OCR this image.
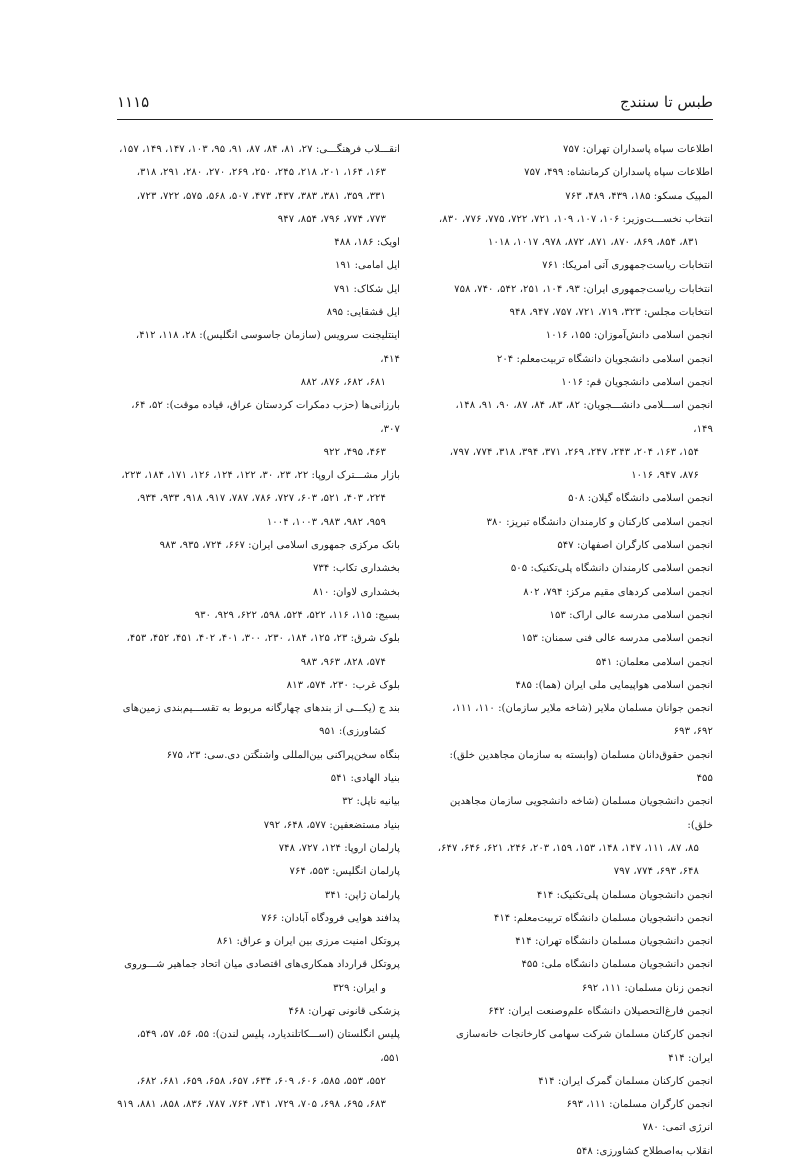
طبس تا سنندج
۱۱۱۵
اطلاعات سپاه پاسداران تهران: ۷۵۷
اطلاعات سپاه پاسداران کرمانشاه: ۴۹۹، ۷۵۷
المپیک مسکو: ۱۸۵، ۴۳۹، ۴۸۹، ۷۶۳
انتخاب نخســـت‌وزیر: ۱۰۶، ۱۰۷، ۱۰۹، ۷۲۱، ۷۲۲، ۷۷۵، ۷۷۶، ۸۳۰،
۸۳۱، ۸۵۴، ۸۶۹، ۸۷۰، ۸۷۱، ۸۷۲، ۹۷۸، ۱۰۱۷، ۱۰۱۸
انتخابات ریاست‌جمهوری آتی امریکا: ۷۶۱
انتخابات ریاست‌جمهوری ایران: ۹۳، ۱۰۴، ۲۵۱، ۵۴۲، ۷۴۰، ۷۵۸
انتخابات مجلس: ۳۲۳، ۷۱۹، ۷۲۱، ۷۵۷، ۹۴۷، ۹۴۸
انجمن اسلامی دانش‌آموزان: ۱۵۵، ۱۰۱۶
انجمن اسلامی دانشجویان دانشگاه تربیت‌معلم: ۲۰۴
انجمن اسلامی دانشجویان قم: ۱۰۱۶
انجمن اســـلامی دانشـــجویان: ۸۲، ۸۳، ۸۴، ۸۷، ۹۰، ۹۱، ۱۴۸، ۱۴۹،
۱۵۴، ۱۶۳، ۲۰۴، ۲۴۳، ۲۴۷، ۲۶۹، ۳۷۱، ۳۹۴، ۳۱۸، ۷۷۴، ۷۹۷،
۸۷۶، ۹۴۷، ۱۰۱۶
انجمن اسلامی دانشگاه گیلان: ۵۰۸
انجمن اسلامی کارکنان و کارمندان دانشگاه تبریز: ۳۸۰
انجمن اسلامی کارگران اصفهان: ۵۴۷
انجمن اسلامی کارمندان دانشگاه پلی‌تکنیک: ۵۰۵
انجمن اسلامی کردهای مقیم مرکز: ۷۹۴، ۸۰۲
انجمن اسلامی مدرسه عالی اراک: ۱۵۳
انجمن اسلامی مدرسه عالی فنی سمنان: ۱۵۳
انجمن اسلامی معلمان: ۵۴۱
انجمن اسلامی هواپیمایی ملی ایران (هما): ۴۸۵
انجمن جوانان مسلمان ملایر (شاخه ملایر سازمان): ۱۱۰، ۱۱۱، ۶۹۲، ۶۹۳
انجمن حقوق‌دانان مسلمان (وابسته به سازمان مجاهدین خلق): ۴۵۵
انجمن دانشجویان مسلمان (شاخه دانشجویی سازمان مجاهدین خلق):
۸۵، ۸۷، ۱۱۱، ۱۴۷، ۱۴۸، ۱۵۳، ۱۵۹، ۲۰۳، ۲۴۶، ۶۲۱، ۶۴۶، ۶۴۷،
۶۴۸، ۶۹۳، ۷۷۴، ۷۹۷
انجمن دانشجویان مسلمان پلی‌تکنیک: ۴۱۴
انجمن دانشجویان مسلمان دانشگاه تربیت‌معلم: ۴۱۴
انجمن دانشجویان مسلمان دانشگاه تهران: ۴۱۴
انجمن دانشجویان مسلمان دانشگاه ملی: ۴۵۵
انجمن زنان مسلمان: ۱۱۱، ۶۹۲
انجمن فارغ‌التحصیلان دانشگاه علم‌وصنعت ایران: ۶۴۲
انجمن کارکنان مسلمان شرکت سهامی کارخانجات خانه‌سازی ایران: ۴۱۴
انجمن کارکنان مسلمان گمرک ایران: ۴۱۴
انجمن کارگران مسلمان: ۱۱۱، ۶۹۳
انرژی اتمی: ۷۸۰
انقلاب به‌اصطلاح کشاورزی: ۵۴۸
انقـــلاب فرهنگـــی: ۲۷، ۸۱، ۸۴، ۸۷، ۹۱، ۹۵، ۱۰۳، ۱۴۷، ۱۴۹، ۱۵۷،
۱۶۳، ۱۶۴، ۲۰۱، ۲۱۸، ۲۴۵، ۲۵۰، ۲۶۹، ۲۷۰، ۲۸۰، ۲۹۱، ۳۱۸،
۳۳۱، ۳۵۹، ۳۸۱، ۳۸۳، ۴۳۷، ۴۷۳، ۵۰۷، ۵۶۸، ۵۷۵، ۷۲۲، ۷۲۳،
۷۷۳، ۷۷۴، ۷۹۶، ۸۵۴، ۹۴۷
اویک: ۱۸۶، ۴۸۸
ایل امامی: ۱۹۱
ایل شکاک: ۷۹۱
ایل قشقایی: ۸۹۵
اینتلیجنت سرویس (سازمان جاسوسی انگلیس): ۲۸، ۱۱۸، ۴۱۲، ۴۱۴،
۶۸۱، ۶۸۲، ۸۷۶، ۸۸۲
بارزانی‌ها (حزب دمکرات کردستان عراق، قیاده موقت): ۵۲، ۶۴، ۳۰۷،
۴۶۳، ۴۹۵، ۹۲۲
بازار مشـــترک اروپا: ۲۲، ۲۳، ۳۰، ۱۲۲، ۱۲۴، ۱۲۶، ۱۷۱، ۱۸۴، ۲۲۳،
۲۲۴، ۴۰۳، ۵۲۱، ۶۰۳، ۷۲۷، ۷۸۶، ۷۸۷، ۹۱۷، ۹۱۸، ۹۳۳، ۹۳۴،
۹۵۹، ۹۸۲، ۹۸۳، ۱۰۰۳، ۱۰۰۴
بانک مرکزی جمهوری اسلامی ایران: ۶۶۷، ۷۲۴، ۹۳۵، ۹۸۳
بخشداری تکاب: ۷۳۴
بخشداری لاوان: ۸۱۰
بسیج: ۱۱۵، ۱۱۶، ۵۲۲، ۵۲۴، ۵۹۸، ۶۲۲، ۹۲۹، ۹۳۰
بلوک شرق: ۲۳، ۱۲۵، ۱۸۴، ۲۳۰، ۳۰۰، ۴۰۱، ۴۰۲، ۴۵۱، ۴۵۲، ۴۵۳،
۵۷۴، ۸۲۸، ۹۶۳، ۹۸۳
بلوک غرب: ۲۳۰، ۵۷۴، ۸۱۳
بند ج (یکـــی از بندهای چهارگانه مربوط به تقســـیم‌بندی زمین‌های
کشاورزی): ۹۵۱
بنگاه سخن‌پراکنی بین‌المللی واشنگتن دی.سی: ۲۳، ۶۷۵
بنیاد الهادی: ۵۴۱
بیانیه ناپل: ۳۲
بنیاد مستضعفین: ۵۷۷، ۶۴۸، ۷۹۲
پارلمان اروپا: ۱۲۴، ۷۲۷، ۷۴۸
پارلمان انگلیس: ۵۵۳، ۷۶۴
پارلمان ژاپن: ۳۴۱
پدافند هوایی فرودگاه آبادان: ۷۶۶
پروتکل امنیت مرزی بین ایران و عراق: ۸۶۱
پروتکل قرارداد همکاری‌های اقتصادی میان اتحاد جماهیر شـــوروی
و ایران: ۳۲۹
پزشکی قانونی تهران: ۴۶۸
پلیس انگلستان (اســـکاتلندیارد، پلیس لندن): ۵۵، ۵۶، ۵۷، ۵۴۹، ۵۵۱،
۵۵۲، ۵۵۳، ۵۸۵، ۶۰۶، ۶۰۹، ۶۳۴، ۶۵۷، ۶۵۸، ۶۵۹، ۶۸۱، ۶۸۲،
۶۸۳، ۶۹۵، ۶۹۸، ۷۰۵، ۷۲۹، ۷۴۱، ۷۶۴، ۷۸۷، ۸۳۶، ۸۵۸، ۸۸۱، ۹۱۹
